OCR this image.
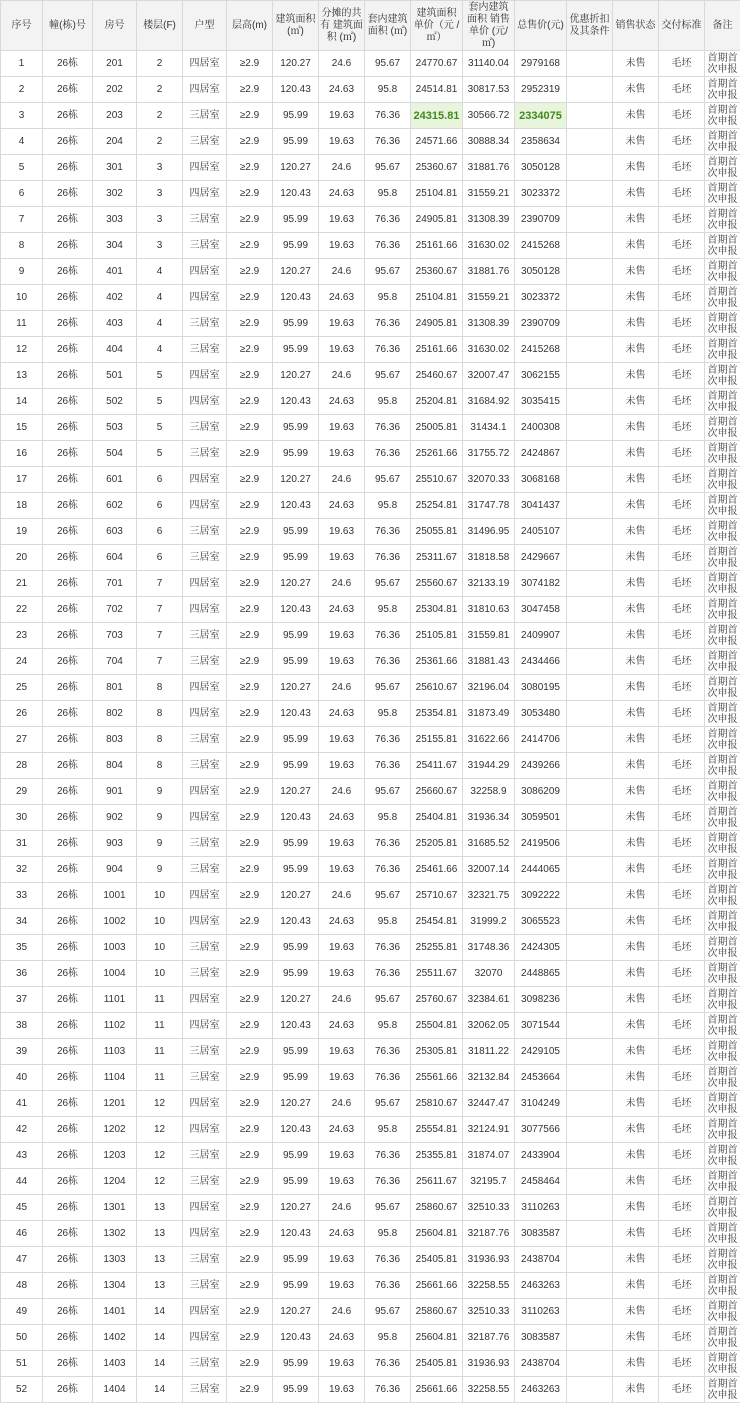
序号	幢(栋)号	房号	楼层(F)	户型	层高(m)	建筑面积(㎡)	分摊的共有 建筑面积 (㎡)	套内建筑 面积 (㎡)	建筑面积 单价（元 /㎡）	套内建筑 面积 销售单价 (元/㎡)	总售价(元)	优惠折扣 及其条件	销售状态	交付标准	备注
1	26栋	201	2	四居室	≥2.9	120.27	24.6	95.67	24770.67	31140.04	2979168		未售	毛坯	首期首次申报
2	26栋	202	2	四居室	≥2.9	120.43	24.63	95.8	24514.81	30817.53	2952319		未售	毛坯	首期首次申报
3	26栋	203	2	三居室	≥2.9	95.99	19.63	76.36	24315.81	30566.72	2334075		未售	毛坯	首期首次申报
4	26栋	204	2	三居室	≥2.9	95.99	19.63	76.36	24571.66	30888.34	2358634		未售	毛坯	首期首次申报
5	26栋	301	3	四居室	≥2.9	120.27	24.6	95.67	25360.67	31881.76	3050128		未售	毛坯	首期首次申报
6	26栋	302	3	四居室	≥2.9	120.43	24.63	95.8	25104.81	31559.21	3023372		未售	毛坯	首期首次申报
7	26栋	303	3	三居室	≥2.9	95.99	19.63	76.36	24905.81	31308.39	2390709		未售	毛坯	首期首次申报
8	26栋	304	3	三居室	≥2.9	95.99	19.63	76.36	25161.66	31630.02	2415268		未售	毛坯	首期首次申报
9	26栋	401	4	四居室	≥2.9	120.27	24.6	95.67	25360.67	31881.76	3050128		未售	毛坯	首期首次申报
10	26栋	402	4	四居室	≥2.9	120.43	24.63	95.8	25104.81	31559.21	3023372		未售	毛坯	首期首次申报
11	26栋	403	4	三居室	≥2.9	95.99	19.63	76.36	24905.81	31308.39	2390709		未售	毛坯	首期首次申报
12	26栋	404	4	三居室	≥2.9	95.99	19.63	76.36	25161.66	31630.02	2415268		未售	毛坯	首期首次申报
13	26栋	501	5	四居室	≥2.9	120.27	24.6	95.67	25460.67	32007.47	3062155		未售	毛坯	首期首次申报
14	26栋	502	5	四居室	≥2.9	120.43	24.63	95.8	25204.81	31684.92	3035415		未售	毛坯	首期首次申报
15	26栋	503	5	三居室	≥2.9	95.99	19.63	76.36	25005.81	31434.1	2400308		未售	毛坯	首期首次申报
16	26栋	504	5	三居室	≥2.9	95.99	19.63	76.36	25261.66	31755.72	2424867		未售	毛坯	首期首次申报
17	26栋	601	6	四居室	≥2.9	120.27	24.6	95.67	25510.67	32070.33	3068168		未售	毛坯	首期首次申报
18	26栋	602	6	四居室	≥2.9	120.43	24.63	95.8	25254.81	31747.78	3041437		未售	毛坯	首期首次申报
19	26栋	603	6	三居室	≥2.9	95.99	19.63	76.36	25055.81	31496.95	2405107		未售	毛坯	首期首次申报
20	26栋	604	6	三居室	≥2.9	95.99	19.63	76.36	25311.67	31818.58	2429667		未售	毛坯	首期首次申报
21	26栋	701	7	四居室	≥2.9	120.27	24.6	95.67	25560.67	32133.19	3074182		未售	毛坯	首期首次申报
22	26栋	702	7	四居室	≥2.9	120.43	24.63	95.8	25304.81	31810.63	3047458		未售	毛坯	首期首次申报
23	26栋	703	7	三居室	≥2.9	95.99	19.63	76.36	25105.81	31559.81	2409907		未售	毛坯	首期首次申报
24	26栋	704	7	三居室	≥2.9	95.99	19.63	76.36	25361.66	31881.43	2434466		未售	毛坯	首期首次申报
25	26栋	801	8	四居室	≥2.9	120.27	24.6	95.67	25610.67	32196.04	3080195		未售	毛坯	首期首次申报
26	26栋	802	8	四居室	≥2.9	120.43	24.63	95.8	25354.81	31873.49	3053480		未售	毛坯	首期首次申报
27	26栋	803	8	三居室	≥2.9	95.99	19.63	76.36	25155.81	31622.66	2414706		未售	毛坯	首期首次申报
28	26栋	804	8	三居室	≥2.9	95.99	19.63	76.36	25411.67	31944.29	2439266		未售	毛坯	首期首次申报
29	26栋	901	9	四居室	≥2.9	120.27	24.6	95.67	25660.67	32258.9	3086209		未售	毛坯	首期首次申报
30	26栋	902	9	四居室	≥2.9	120.43	24.63	95.8	25404.81	31936.34	3059501		未售	毛坯	首期首次申报
31	26栋	903	9	三居室	≥2.9	95.99	19.63	76.36	25205.81	31685.52	2419506		未售	毛坯	首期首次申报
32	26栋	904	9	三居室	≥2.9	95.99	19.63	76.36	25461.66	32007.14	2444065		未售	毛坯	首期首次申报
33	26栋	1001	10	四居室	≥2.9	120.27	24.6	95.67	25710.67	32321.75	3092222		未售	毛坯	首期首次申报
34	26栋	1002	10	四居室	≥2.9	120.43	24.63	95.8	25454.81	31999.2	3065523		未售	毛坯	首期首次申报
35	26栋	1003	10	三居室	≥2.9	95.99	19.63	76.36	25255.81	31748.36	2424305		未售	毛坯	首期首次申报
36	26栋	1004	10	三居室	≥2.9	95.99	19.63	76.36	25511.67	32070	2448865		未售	毛坯	首期首次申报
37	26栋	1101	11	四居室	≥2.9	120.27	24.6	95.67	25760.67	32384.61	3098236		未售	毛坯	首期首次申报
38	26栋	1102	11	四居室	≥2.9	120.43	24.63	95.8	25504.81	32062.05	3071544		未售	毛坯	首期首次申报
39	26栋	1103	11	三居室	≥2.9	95.99	19.63	76.36	25305.81	31811.22	2429105		未售	毛坯	首期首次申报
40	26栋	1104	11	三居室	≥2.9	95.99	19.63	76.36	25561.66	32132.84	2453664		未售	毛坯	首期首次申报
41	26栋	1201	12	四居室	≥2.9	120.27	24.6	95.67	25810.67	32447.47	3104249		未售	毛坯	首期首次申报
42	26栋	1202	12	四居室	≥2.9	120.43	24.63	95.8	25554.81	32124.91	3077566		未售	毛坯	首期首次申报
43	26栋	1203	12	三居室	≥2.9	95.99	19.63	76.36	25355.81	31874.07	2433904		未售	毛坯	首期首次申报
44	26栋	1204	12	三居室	≥2.9	95.99	19.63	76.36	25611.67	32195.7	2458464		未售	毛坯	首期首次申报
45	26栋	1301	13	四居室	≥2.9	120.27	24.6	95.67	25860.67	32510.33	3110263		未售	毛坯	首期首次申报
46	26栋	1302	13	四居室	≥2.9	120.43	24.63	95.8	25604.81	32187.76	3083587		未售	毛坯	首期首次申报
47	26栋	1303	13	三居室	≥2.9	95.99	19.63	76.36	25405.81	31936.93	2438704		未售	毛坯	首期首次申报
48	26栋	1304	13	三居室	≥2.9	95.99	19.63	76.36	25661.66	32258.55	2463263		未售	毛坯	首期首次申报
49	26栋	1401	14	四居室	≥2.9	120.27	24.6	95.67	25860.67	32510.33	3110263		未售	毛坯	首期首次申报
50	26栋	1402	14	四居室	≥2.9	120.43	24.63	95.8	25604.81	32187.76	3083587		未售	毛坯	首期首次申报
51	26栋	1403	14	三居室	≥2.9	95.99	19.63	76.36	25405.81	31936.93	2438704		未售	毛坯	首期首次申报
52	26栋	1404	14	三居室	≥2.9	95.99	19.63	76.36	25661.66	32258.55	2463263		未售	毛坯	首期首次申报
